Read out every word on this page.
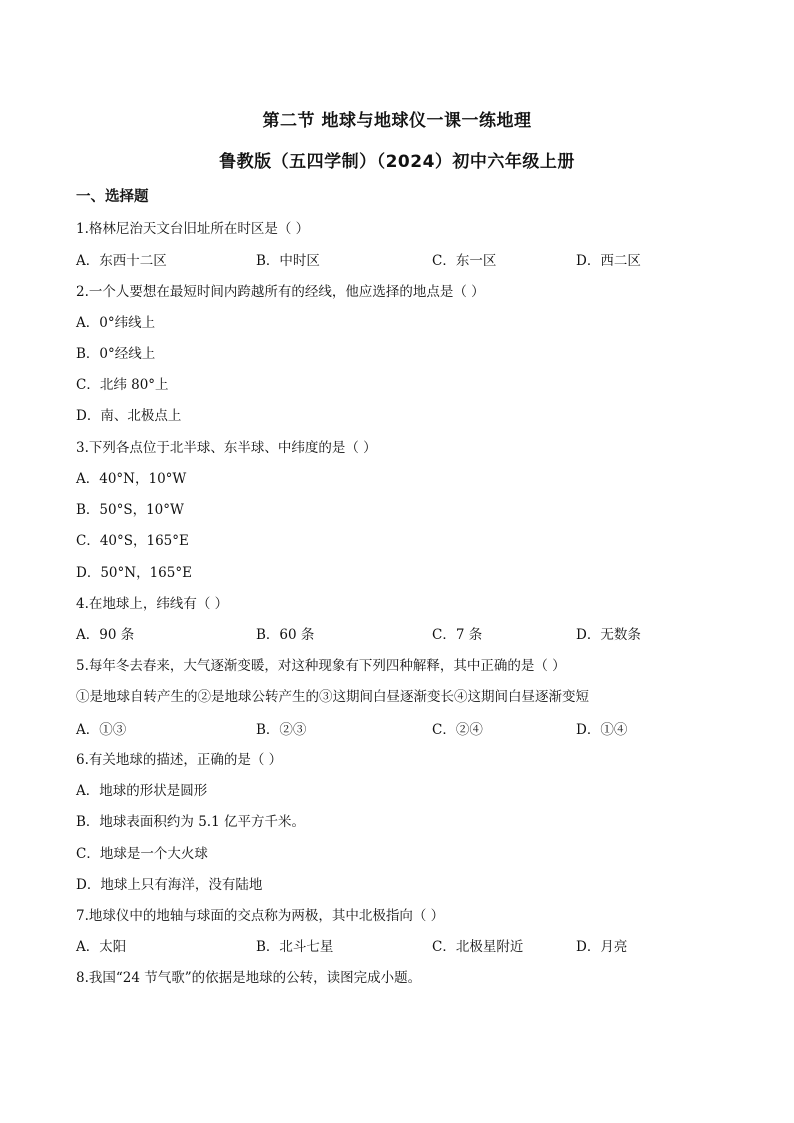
第二节 地球与地球仪一课一练地理
鲁教版（五四学制）（2024）初中六年级上册
一、选择题
1.格林尼治天文台旧址所在时区是（ ）
A．东西十二区	B．中时区	C．东一区	D．西二区
2.一个人要想在最短时间内跨越所有的经线，他应选择的地点是（ ）
A．0°纬线上
B．0°经线上
C．北纬 80°上
D．南、北极点上
3.下列各点位于北半球、东半球、中纬度的是（ ）
A．40°N，10°W
B．50°S，10°W
C．40°S，165°E
D．50°N，165°E
4.在地球上，纬线有（ ）
A．90 条	B．60 条	C．7 条	D．无数条
5.每年冬去春来，大气逐渐变暖，对这种现象有下列四种解释，其中正确的是（ ）
①是地球自转产生的②是地球公转产生的③这期间白昼逐渐变长④这期间白昼逐渐变短
A．①③	B．②③	C．②④	D．①④
6.有关地球的描述，正确的是（ ）
A．地球的形状是圆形
B．地球表面积约为 5.1 亿平方千米。
C．地球是一个大火球
D．地球上只有海洋，没有陆地
7.地球仪中的地轴与球面的交点称为两极，其中北极指向（ ）
A．太阳	B．北斗七星	C．北极星附近	D．月亮
8.我国“24 节气歌”的依据是地球的公转，读图完成小题。
